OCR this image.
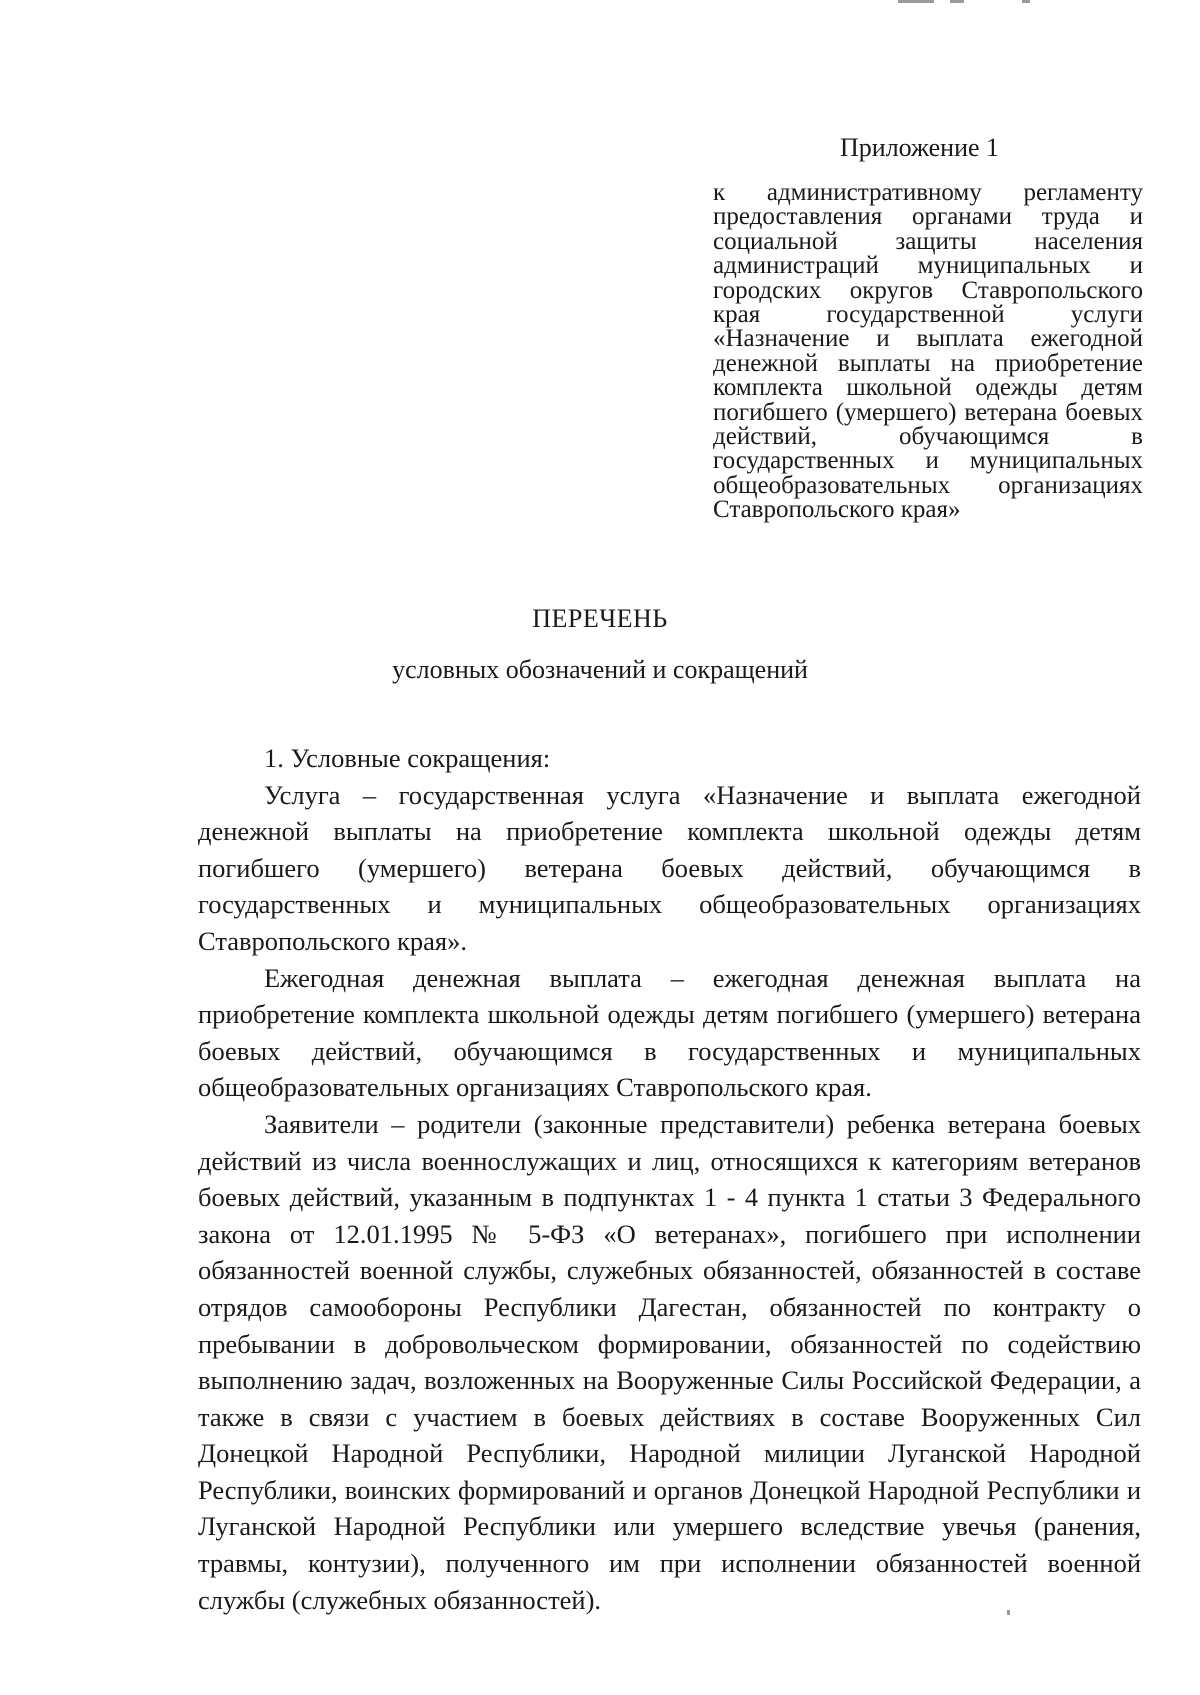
Приложение 1

к административному регламенту предоставления органами труда и социальной защиты населения администраций муниципальных и городских округов Ставропольского края государственной услуги «Назначение и выплата ежегодной денежной выплаты на приобретение комплекта школьной одежды детям погибшего (умершего) ветерана боевых действий, обучающимся в государственных и муниципальных общеобразовательных организациях Ставропольского края»

ПЕРЕЧЕНЬ
условных обозначений и сокращений

1. Условные сокращения:

Услуга – государственная услуга «Назначение и выплата ежегодной денежной выплаты на приобретение комплекта школьной одежды детям погибшего (умершего) ветерана боевых действий, обучающимся в государственных и муниципальных общеобразовательных организациях Ставропольского края».

Ежегодная денежная выплата – ежегодная денежная выплата на приобретение комплекта школьной одежды детям погибшего (умершего) ветерана боевых действий, обучающимся в государственных и муниципальных общеобразовательных организациях Ставропольского края.

Заявители – родители (законные представители) ребенка ветерана боевых действий из числа военнослужащих и лиц, относящихся к категориям ветеранов боевых действий, указанным в подпунктах 1 - 4 пункта 1 статьи 3 Федерального закона от 12.01.1995 № 5-ФЗ «О ветеранах», погибшего при исполнении обязанностей военной службы, служебных обязанностей, обязанностей в составе отрядов самообороны Республики Дагестан, обязанностей по контракту о пребывании в добровольческом формировании, обязанностей по содействию выполнению задач, возложенных на Вооруженные Силы Российской Федерации, а также в связи с участием в боевых действиях в составе Вооруженных Сил Донецкой Народной Республики, Народной милиции Луганской Народной Республики, воинских формирований и органов Донецкой Народной Республики и Луганской Народной Республики или умершего вследствие увечья (ранения, травмы, контузии), полученного им при исполнении обязанностей военной службы (служебных обязанностей).
